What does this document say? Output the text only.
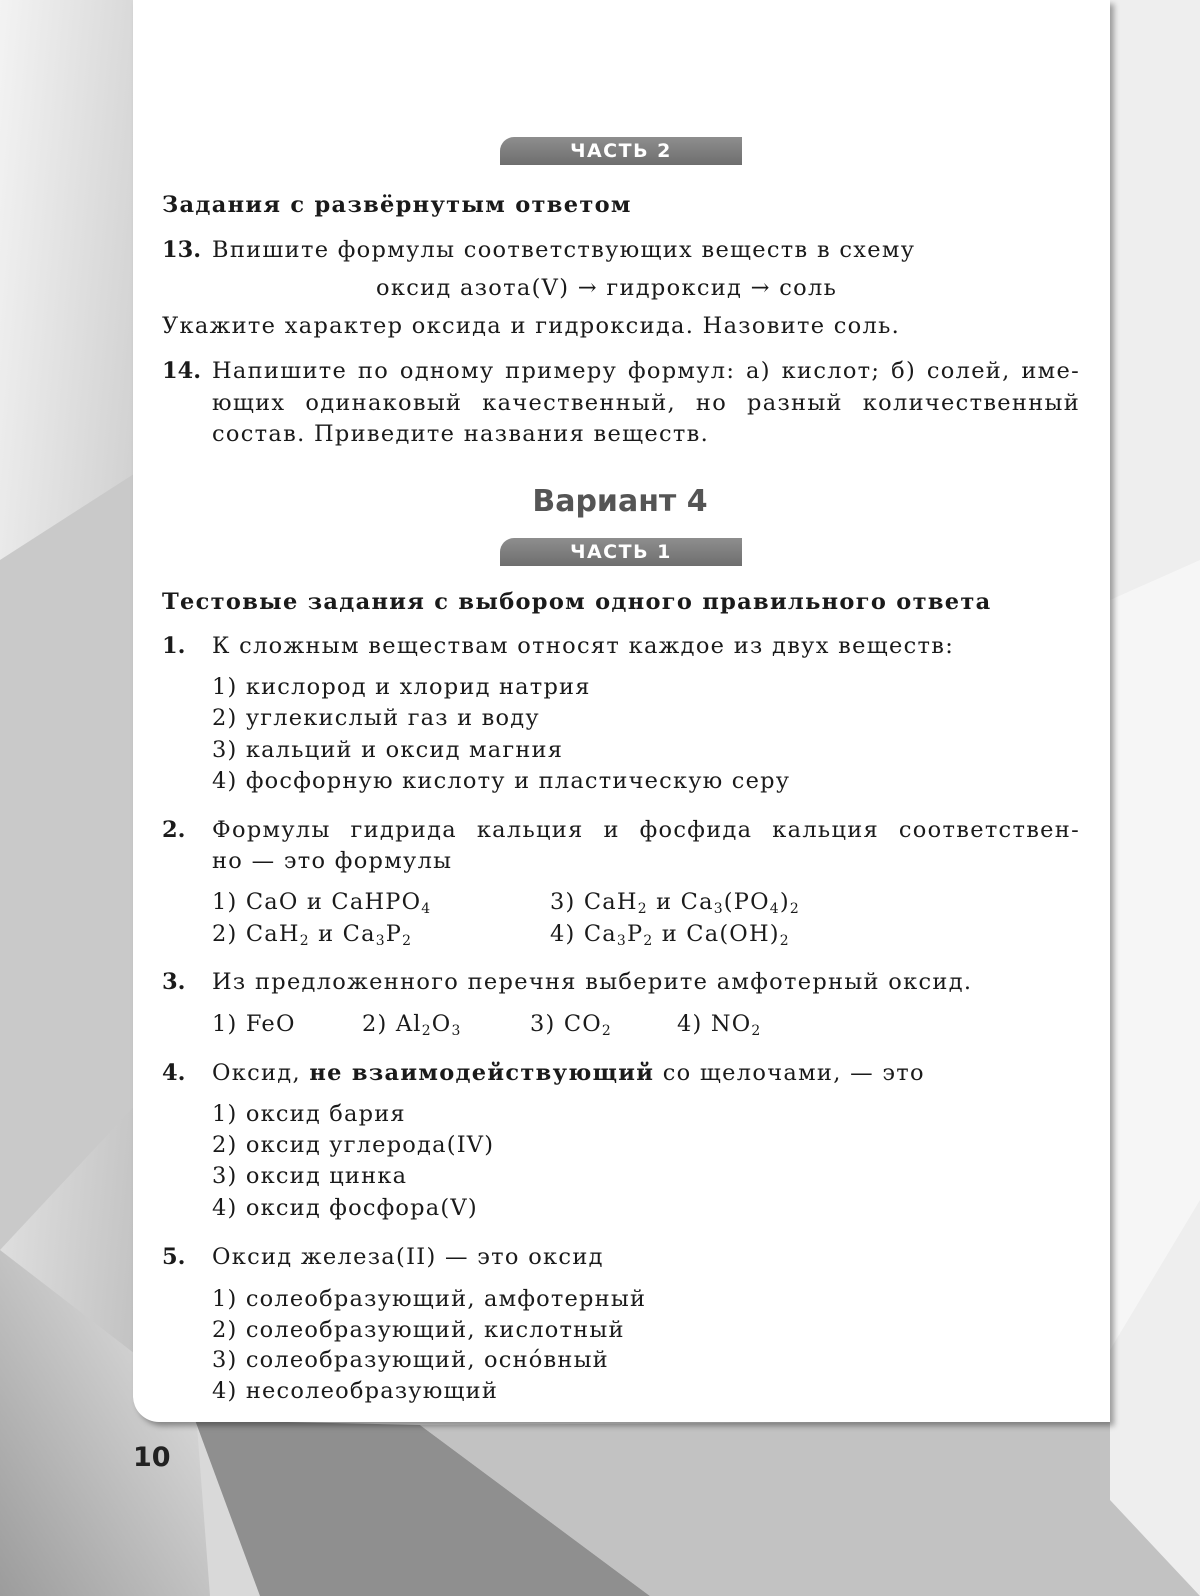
ЧАСТЬ 2
Задания с развёрнутым ответом
13. Впишите формулы соответствующих веществ в схему
оксид азота(V) → гидроксид → соль
Укажите характер оксида и гидроксида. Назовите соль.
14. Напишите по одному примеру формул: а) кислот; б) солей, име-
ющих одинаковый качественный, но разный количественный
состав. Приведите названия веществ.
Вариант 4
ЧАСТЬ 1
Тестовые задания с выбором одного правильного ответа
1. К сложным веществам относят каждое из двух веществ:
1) кислород и хлорид натрия
2) углекислый газ и воду
3) кальций и оксид магния
4) фосфорную кислоту и пластическую серу
2. Формулы гидрида кальция и фосфида кальция соответствен-
но — это формулы
1) CaO и CaHPO$_4$
2) CaH$_2$ и $Ca_3P_2$
3) CaH$_2$ и $Ca_3(PO_4)_2$
4) $Ca_3P_2$ и $Ca(OH)_2$
3. Из предложенного перечня выберите амфотерный оксид.
1) FeO	2) $Al_2O_3$	3) $CO_2$	4) $NO_2$
4. Оксид, не взаимодействующий со щелочами, — это
1) оксид бария
2) оксид углерода(IV)
3) оксид цинка
4) оксид фосфора(V)
5. Оксид железа(II) — это оксид
1) солеобразующий, амфотерный
2) солеобразующий, кислотный
3) солеобразующий, осно́вный
4) несолеобразующий
10
